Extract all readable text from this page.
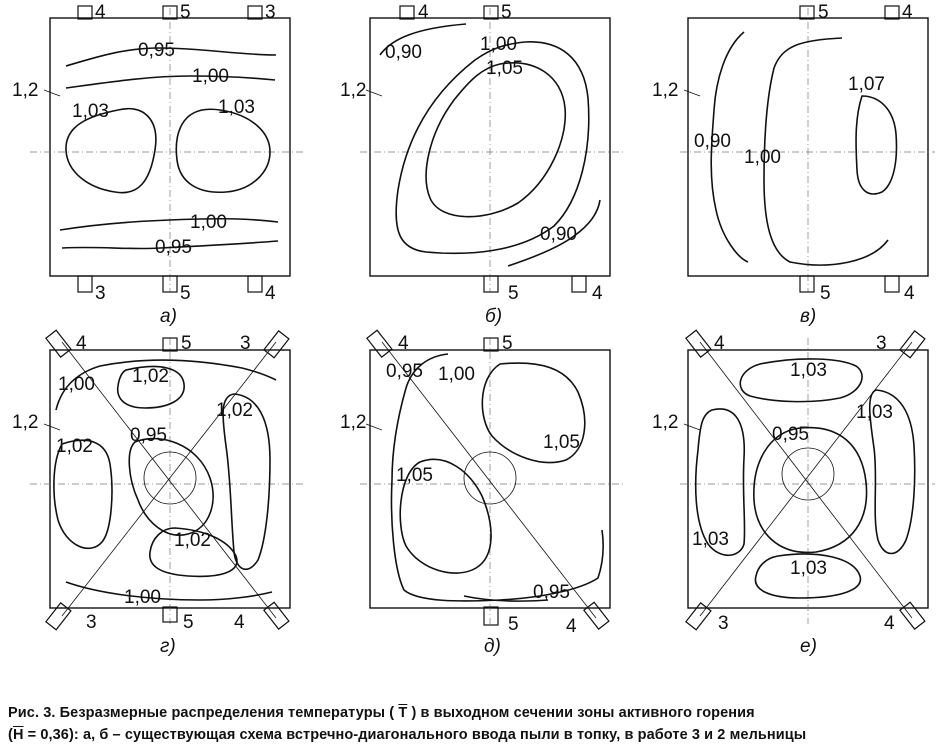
4	5	3
3	5	4
1,2
0,95
1,00
1,03	1,03
1,00
0,95
а)
4	5
5	4
1,2
0,90	1,00
1,05
0,90
б)
5	4
5	4
1,2	1,07
0,90
1,00
в)
4	5	3
3	5 4
1,2
1,00 1,02
1,02
1,02
0,95
1,02
1,00
г)
4	5
5 4
1,2
0,95 1,00
1,05
1,05
0,95
д)
4	3
3	4
1,2
1,03
1,03
0,95
1,03
1,03
е)
Рис. 3. Безразмерные распределения температуры ( $\overline{T}$ ) в выходном сечении зоны активного горения
$(\overline{H} = 0,36)$: а, б – существующая схема встречно-диагонального ввода пыли в топку, в работе 3 и 2 мельницы
